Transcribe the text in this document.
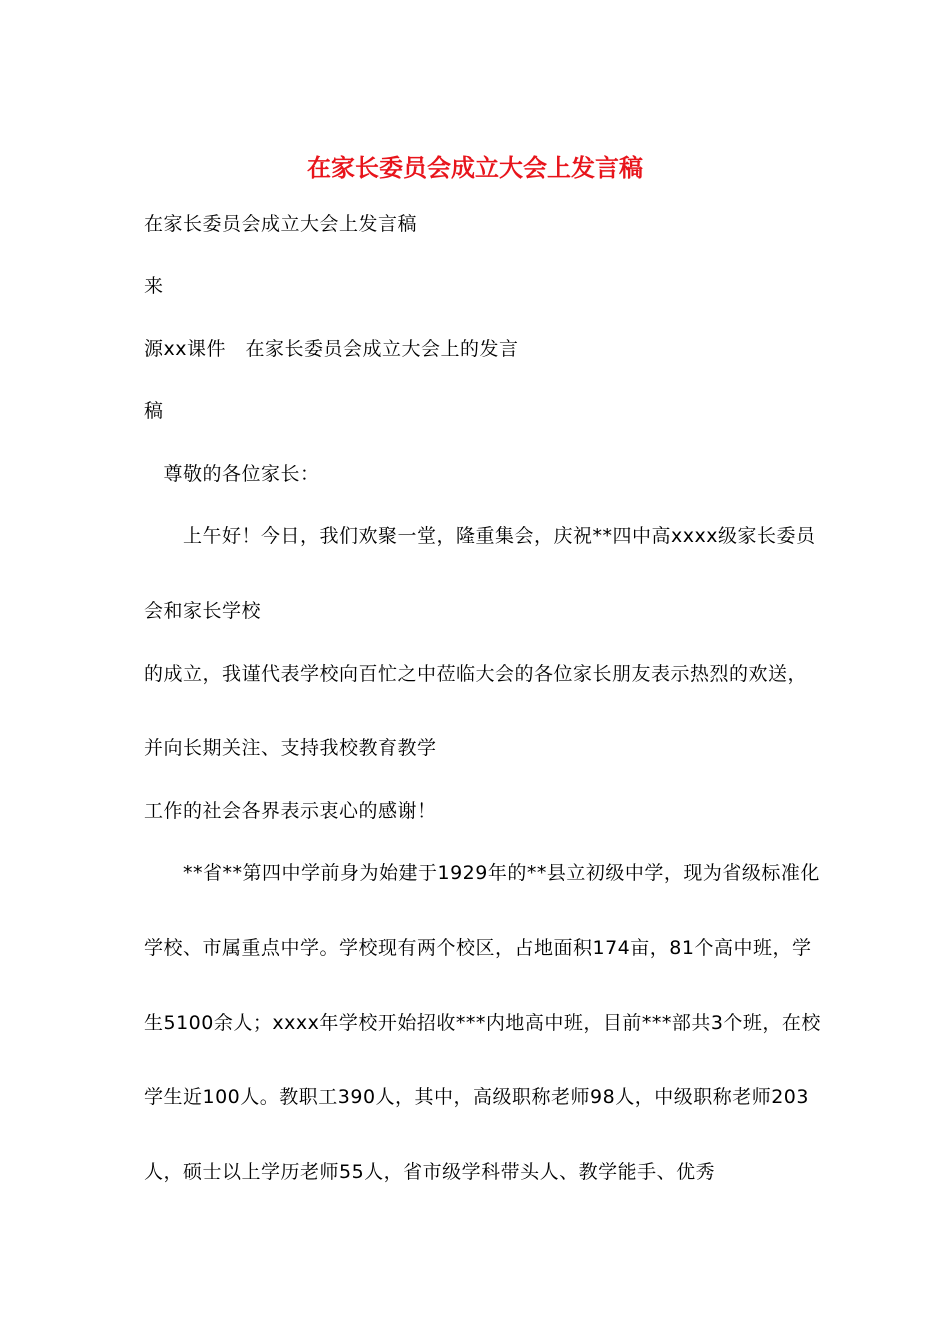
在家长委员会成立大会上发言稿

在家长委员会成立大会上发言稿

来

源xx课件　在家长委员会成立大会上的发言

稿

　尊敬的各位家长：

　　上午好！今日，我们欢聚一堂，隆重集会，庆祝**四中高xxxx级家长委员

会和家长学校

的成立，我谨代表学校向百忙之中莅临大会的各位家长朋友表示热烈的欢送，

并向长期关注、支持我校教育教学

工作的社会各界表示衷心的感谢！

　　**省**第四中学前身为始建于1929年的**县立初级中学，现为省级标准化

学校、市属重点中学。学校现有两个校区，占地面积174亩，81个高中班，学

生5100余人；xxxx年学校开始招收***内地高中班，目前***部共3个班，在校

学生近100人。教职工390人，其中，高级职称老师98人，中级职称老师203

人，硕士以上学历老师55人，省市级学科带头人、教学能手、优秀
